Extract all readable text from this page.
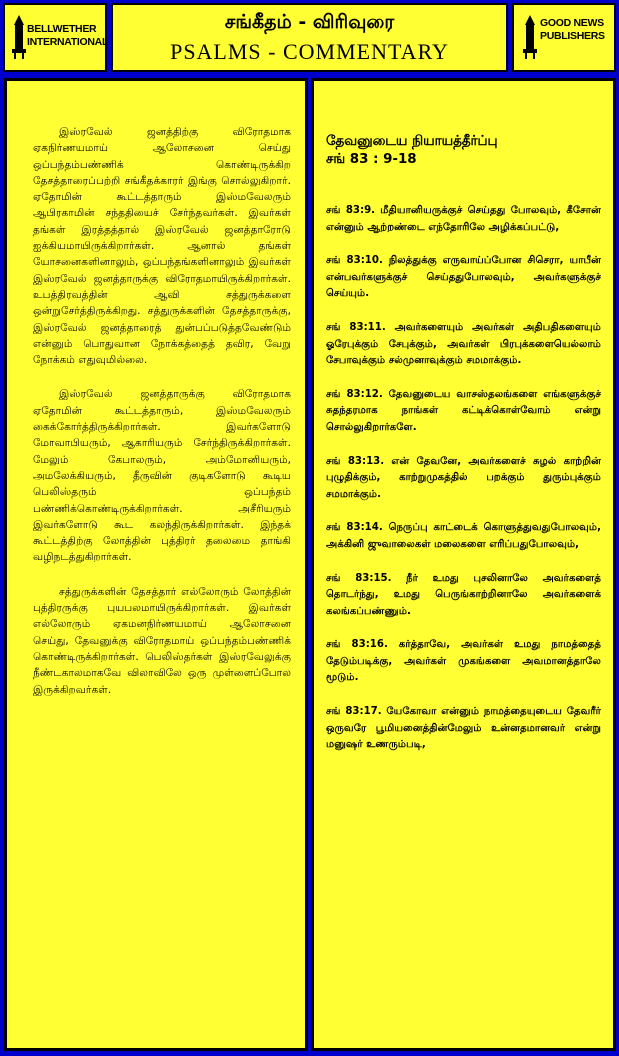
BELLWETHER
INTERNATIONAL
சங்கீதம் - விரிவுரை
PSALMS - COMMENTARY
GOOD NEWS
PUBLISHERS

இஸ்ரவேல் ஜனத்திற்கு விரோதமாக ஏகநிர்ணயமாய் ஆலோசனை செய்து ஒப்பந்தம்பண்ணிக் கொண்டிருக்கிற தேசத்தாரைப்பற்றி சங்கீதக்காரர் இங்கு சொல்லுகிறார். ஏதோமின் கூட்டத்தாரும் இஸ்மவேலரும் ஆபிரகாமின் சந்ததியைச் சேர்ந்தவர்கள். இவர்கள் தங்கள் இரத்தத்தால் இஸ்ரவேல் ஜனத்தாரோடு ஐக்கியமாயிருக்கிறார்கள். ஆனால் தங்கள் யோசனைகளினாலும், ஒப்பந்தங்களினாலும் இவர்கள் இஸ்ரவேல் ஜனத்தாருக்கு விரோதமாயிருக்கிறார்கள். உபத்திரவத்தின் ஆவி சத்துருக்களை ஒன்றுசேர்த்திருக்கிறது. சத்துருக்களின் தேசத்தாருக்கு, இஸ்ரவேல் ஜனத்தாரைத் துன்பப்படுத்தவேண்டும் என்னும் பொதுவான நோக்கத்தைத் தவிர, வேறு நோக்கம் எதுவுமில்லை.

இஸ்ரவேல் ஜனத்தாருக்கு விரோதமாக ஏதோமின் கூட்டத்தாரும், இஸ்மவேலரும் கைக்கோர்த்திருக்கிறார்கள். இவர்களோடு மோவாபியரும், ஆகாரியரும் சேர்ந்திருக்கிறார்கள். மேலும் கேபாலரும், அம்மோனியரும், அமலேக்கியரும், தீருவின் குடிகளோடு கூடிய பெலிஸ்தரும் ஒப்பந்தம் பண்ணிக்கொண்டிருக்கிறார்கள். அசீரியரும் இவர்களோடு கூட கலந்திருக்கிறார்கள். இந்தக் கூட்டத்திற்கு லோத்தின் புத்திரர் தலைமை தாங்கி வழிநடத்துகிறார்கள்.

சத்துருக்களின் தேசத்தார் எல்லோரும் லோத்தின் புத்திரருக்கு புயபலமாயிருக்கிறார்கள். இவர்கள் எல்லோரும் ஏகமனநிர்ணயமாய் ஆலோசனை செய்து, தேவனுக்கு விரோதமாய் ஒப்பந்தம்பண்ணிக் கொண்டிருக்கிறார்கள். பெலிஸ்தர்கள் இஸ்ரவேலுக்கு நீண்டகாலமாகவே விலாவிலே ஒரு முள்ளைப்போல இருக்கிறவர்கள்.

தேவனுடைய நியாயத்தீர்ப்பு
சங் 83 : 9-18

சங் 83:9. மீதியானியருக்குச் செய்தது போலவும், கீசோன் என்னும் ஆற்றண்டை எந்தோரிலே அழிக்கப்பட்டு,

சங் 83:10. நிலத்துக்கு எருவாய்ப்போன சிசெரா, யாபீன் என்பவர்களுக்குச் செய்ததுபோலவும், அவர்களுக்குச் செய்யும்.

சங் 83:11. அவர்களையும் அவர்கள் அதிபதிகளையும் ஓரேபுக்கும் சேபுக்கும், அவர்கள் பிரபுக்களையெல்லாம் சேபாவுக்கும் சல்முனாவுக்கும் சமமாக்கும்.

சங் 83:12. தேவனுடைய வாசஸ்தலங்களை எங்களுக்குச் சுதந்தரமாக நாங்கள் கட்டிக்கொள்வோம் என்று சொல்லுகிறார்களே.

சங் 83:13. என் தேவனே, அவர்களைச் சுழல் காற்றின் புழுதிக்கும், காற்றுமுகத்தில் பறக்கும் துரும்புக்கும் சமமாக்கும்.

சங் 83:14. நெருப்பு காட்டைக் கொளுத்துவதுபோலவும், அக்கினி ஜுவாலைகள் மலைகளை எரிப்பதுபோலவும்,

சங் 83:15. நீர் உமது புசலினாலே அவர்களைத் தொடர்ந்து, உமது பெருங்காற்றினாலே அவர்களைக் கலங்கப்பண்ணும்.

சங் 83:16. கர்த்தாவே, அவர்கள் உமது நாமத்தைத் தேடும்படிக்கு, அவர்கள் முகங்களை அவமானத்தாலே மூடும்.

சங் 83:17. யேகோவா என்னும் நாமத்தையுடைய தேவரீர் ஒருவரே பூமியனைத்தின்மேலும் உன்னதமானவர் என்று மனுஷர் உணரும்படி,
